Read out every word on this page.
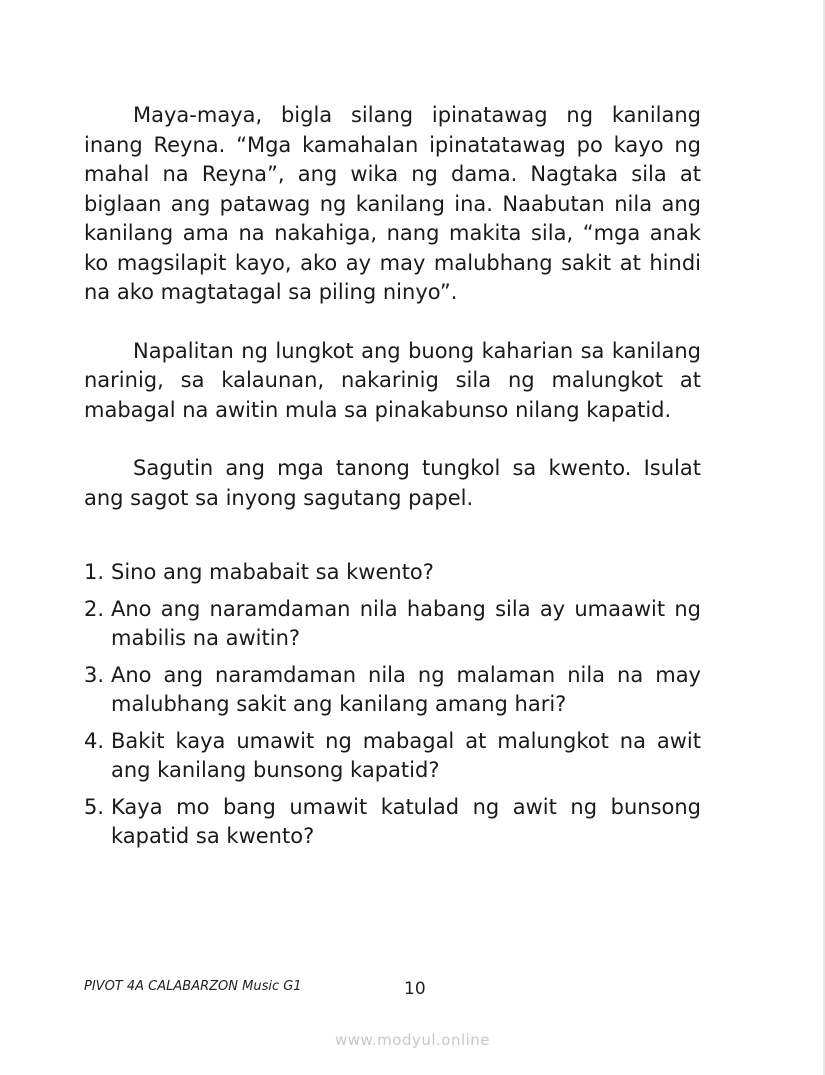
Maya-maya, bigla silang ipinatawag ng kanilang inang Reyna. “Mga kamahalan ipinatatawag po kayo ng mahal na Reyna”, ang wika ng dama. Nagtaka sila at biglaan ang patawag ng kanilang ina. Naabutan nila ang kanilang ama na nakahiga, nang makita sila, “mga anak ko magsilapit kayo, ako ay may malubhang sakit at hindi na ako magtatagal sa piling ninyo”.

Napalitan ng lungkot ang buong kaharian sa kanilang narinig, sa kalaunan, nakarinig sila ng malungkot at mabagal na awitin mula sa pinakabunso nilang kapatid.

Sagutin ang mga tanong tungkol sa kwento. Isulat ang sagot sa inyong sagutang papel.

1. Sino ang mababait sa kwento?
2. Ano ang naramdaman nila habang sila ay umaawit ng mabilis na awitin?
3. Ano ang naramdaman nila ng malaman nila na may malubhang sakit ang kanilang amang hari?
4. Bakit kaya umawit ng mabagal at malungkot na awit ang kanilang bunsong kapatid?
5. Kaya mo bang umawit katulad ng awit ng bunsong kapatid sa kwento?
PIVOT 4A CALABARZON Music G1	10
www.modyul.online
